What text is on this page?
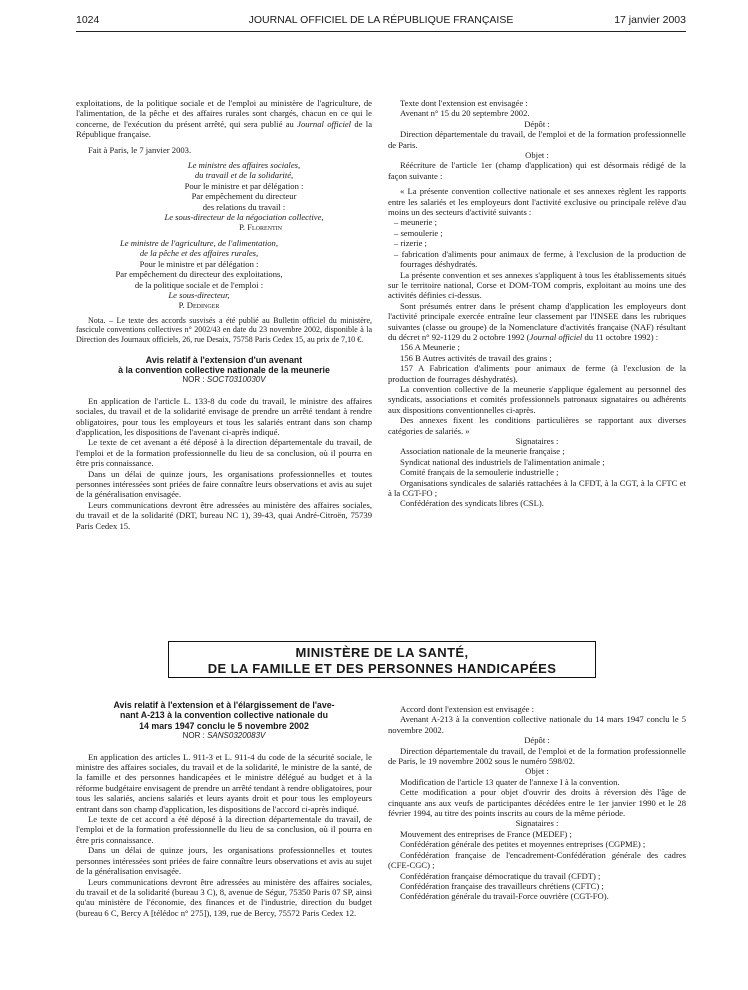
1024	JOURNAL OFFICIEL DE LA RÉPUBLIQUE FRANÇAISE	17 janvier 2003

exploitations, de la politique sociale et de l'emploi au ministère de l'agriculture, de l'alimentation, de la pêche et des affaires rurales sont chargés, chacun en ce qui le concerne, de l'exécution du présent arrêté, qui sera publié au Journal officiel de la République française.

Fait à Paris, le 7 janvier 2003.

Le ministre des affaires sociales,

du travail et de la solidarité,

Pour le ministre et par délégation :

Par empêchement du directeur

des relations du travail :

Le sous-directeur de la négociation collective,

P. Florentin

Le ministre de l'agriculture, de l'alimentation,

de la pêche et des affaires rurales,

Pour le ministre et par délégation :

Par empêchement du directeur des exploitations,

de la politique sociale et de l'emploi :

Le sous-directeur,

P. Dedinger

Nota. – Le texte des accords susvisés a été publié au Bulletin officiel du ministère, fascicule conventions collectives n° 2002/43 en date du 23 novembre 2002, disponible à la Direction des Journaux officiels, 26, rue Desaix, 75758 Paris Cedex 15, au prix de 7,10 €.

Avis relatif à l'extension d'un avenant
à la convention collective nationale de la meunerie

NOR : SOCT0310030V

En application de l'article L. 133-8 du code du travail, le ministre des affaires sociales, du travail et de la solidarité envisage de prendre un arrêté tendant à rendre obligatoires, pour tous les employeurs et tous les salariés entrant dans son champ d'application, les dispositions de l'avenant ci-après indiqué.

Le texte de cet avenant a été déposé à la direction départementale du travail, de l'emploi et de la formation professionnelle du lieu de sa conclusion, où il pourra en être pris connaissance.

Dans un délai de quinze jours, les organisations professionnelles et toutes personnes intéressées sont priées de faire connaître leurs observations et avis au sujet de la généralisation envisagée.

Leurs communications devront être adressées au ministère des affaires sociales, du travail et de la solidarité (DRT, bureau NC 1), 39-43, quai André-Citroën, 75739 Paris Cedex 15.

Texte dont l'extension est envisagée :

Avenant n° 15 du 20 septembre 2002.

Dépôt :

Direction départementale du travail, de l'emploi et de la formation professionnelle de Paris.

Objet :

Réécriture de l'article 1er (champ d'application) qui est désormais rédigé de la façon suivante :

« La présente convention collective nationale et ses annexes règlent les rapports entre les salariés et les employeurs dont l'activité exclusive ou principale relève d'au moins un des secteurs d'activité suivants :

– meunerie ;
– semoulerie ;
– rizerie ;
– fabrication d'aliments pour animaux de ferme, à l'exclusion de la production de fourrages déshydratés.

La présente convention et ses annexes s'appliquent à tous les établissements situés sur le territoire national, Corse et DOM-TOM compris, exploitant au moins une des activités définies ci-dessus.

Sont présumés entrer dans le présent champ d'application les employeurs dont l'activité principale exercée entraîne leur classement par l'INSEE dans les rubriques suivantes (classe ou groupe) de la Nomenclature d'activités française (NAF) résultant du décret n° 92-1129 du 2 octobre 1992 (Journal officiel du 11 octobre 1992) :

156 A Meunerie ;

156 B Autres activités de travail des grains ;

157 A Fabrication d'aliments pour animaux de ferme (à l'exclusion de la production de fourrages déshydratés).

La convention collective de la meunerie s'applique également au personnel des syndicats, associations et comités professionnels patronaux signataires ou adhérents aux dispositions conventionnelles ci-après.

Des annexes fixent les conditions particulières se rapportant aux diverses catégories de salariés. »

Signataires :

Association nationale de la meunerie française ;

Syndicat national des industriels de l'alimentation animale ;

Comité français de la semoulerie industrielle ;

Organisations syndicales de salariés rattachées à la CFDT, à la CGT, à la CFTC et à la CGT-FO ;

Confédération des syndicats libres (CSL).

MINISTÈRE DE LA SANTÉ,
DE LA FAMILLE ET DES PERSONNES HANDICAPÉES

Avis relatif à l'extension et à l'élargissement de l'ave-
nant A-213 à la convention collective nationale du
14 mars 1947 conclu le 5 novembre 2002

NOR : SANS0320083V

En application des articles L. 911-3 et L. 911-4 du code de la sécurité sociale, le ministre des affaires sociales, du travail et de la solidarité, le ministre de la santé, de la famille et des personnes handicapées et le ministre délégué au budget et à la réforme budgétaire envisagent de prendre un arrêté tendant à rendre obligatoires, pour tous les salariés, anciens salariés et leurs ayants droit et pour tous les employeurs entrant dans son champ d'application, les dispositions de l'accord ci-après indiqué.

Le texte de cet accord a été déposé à la direction départementale du travail, de l'emploi et de la formation professionnelle du lieu de sa conclusion, où il pourra en être pris connaissance.

Dans un délai de quinze jours, les organisations professionnelles et toutes personnes intéressées sont priées de faire connaître leurs observations et avis au sujet de la généralisation envisagée.

Leurs communications devront être adressées au ministère des affaires sociales, du travail et de la solidarité (bureau 3 C), 8, avenue de Ségur, 75350 Paris 07 SP, ainsi qu'au ministère de l'économie, des finances et de l'industrie, direction du budget (bureau 6 C, Bercy A [télédoc n° 275]), 139, rue de Bercy, 75572 Paris Cedex 12.

Accord dont l'extension est envisagée :

Avenant A-213 à la convention collective nationale du 14 mars 1947 conclu le 5 novembre 2002.

Dépôt :

Direction départementale du travail, de l'emploi et de la formation professionnelle de Paris, le 19 novembre 2002 sous le numéro 598/02.

Objet :

Modification de l'article 13 quater de l'annexe I à la convention.

Cette modification a pour objet d'ouvrir des droits à réversion dès l'âge de cinquante ans aux veufs de participantes décédées entre le 1er janvier 1990 et le 28 février 1994, au titre des points inscrits au cours de la même période.

Signataires :

Mouvement des entreprises de France (MEDEF) ;

Confédération générale des petites et moyennes entreprises (CGPME) ;

Confédération française de l'encadrement-Confédération générale des cadres (CFE-CGC) ;

Confédération française démocratique du travail (CFDT) ;

Confédération française des travailleurs chrétiens (CFTC) ;

Confédération générale du travail-Force ouvrière (CGT-FO).
